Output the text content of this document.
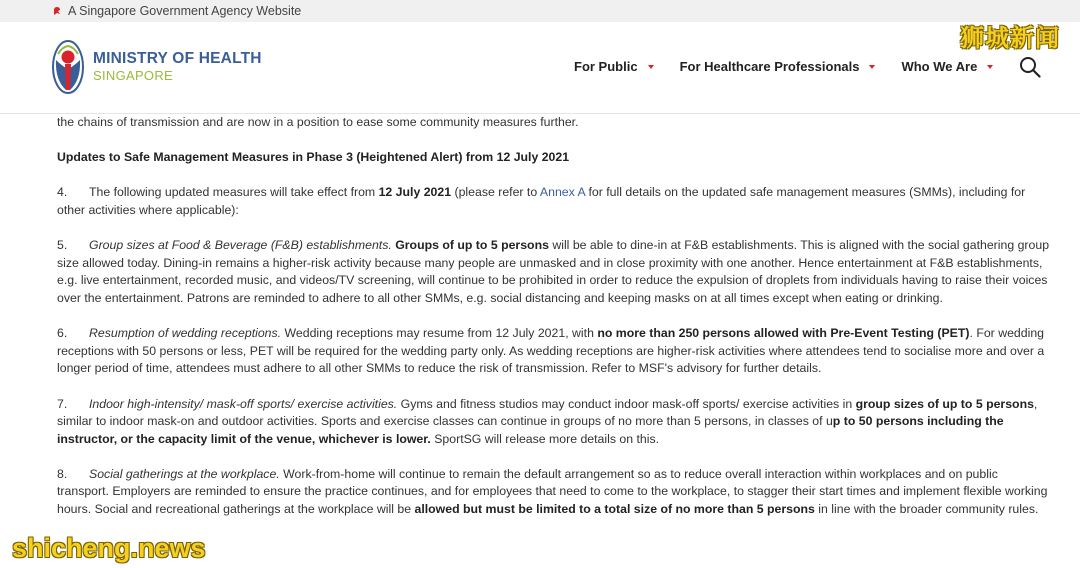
A Singapore Government Agency Website
MINISTRY OF HEALTH
SINGAPORE
For Public	For Healthcare Professionals	Who We Are
狮城新闻

the chains of transmission and are now in a position to ease some community measures further.

Updates to Safe Management Measures in Phase 3 (Heightened Alert) from 12 July 2021

4. The following updated measures will take effect from 12 July 2021 (please refer to Annex A for full details on the updated safe management measures (SMMs), including for other activities where applicable):

5. Group sizes at Food & Beverage (F&B) establishments. Groups of up to 5 persons will be able to dine-in at F&B establishments. This is aligned with the social gathering group size allowed today. Dining-in remains a higher-risk activity because many people are unmasked and in close proximity with one another. Hence entertainment at F&B establishments, e.g. live entertainment, recorded music, and videos/TV screening, will continue to be prohibited in order to reduce the expulsion of droplets from individuals having to raise their voices over the entertainment. Patrons are reminded to adhere to all other SMMs, e.g. social distancing and keeping masks on at all times except when eating or drinking.

6. Resumption of wedding receptions. Wedding receptions may resume from 12 July 2021, with no more than 250 persons allowed with Pre-Event Testing (PET). For wedding receptions with 50 persons or less, PET will be required for the wedding party only. As wedding receptions are higher-risk activities where attendees tend to socialise more and over a longer period of time, attendees must adhere to all other SMMs to reduce the risk of transmission. Refer to MSF's advisory for further details.

7. Indoor high-intensity/ mask-off sports/ exercise activities. Gyms and fitness studios may conduct indoor mask-off sports/ exercise activities in group sizes of up to 5 persons, similar to indoor mask-on and outdoor activities. Sports and exercise classes can continue in groups of no more than 5 persons, in classes of up to 50 persons including the instructor, or the capacity limit of the venue, whichever is lower. SportSG will release more details on this.

8. Social gatherings at the workplace. Work-from-home will continue to remain the default arrangement so as to reduce overall interaction within workplaces and on public transport. Employers are reminded to ensure the practice continues, and for employees that need to come to the workplace, to stagger their start times and implement flexible working hours. Social and recreational gatherings at the workplace will be allowed but must be limited to a total size of no more than 5 persons in line with the broader community rules.

shicheng.news
